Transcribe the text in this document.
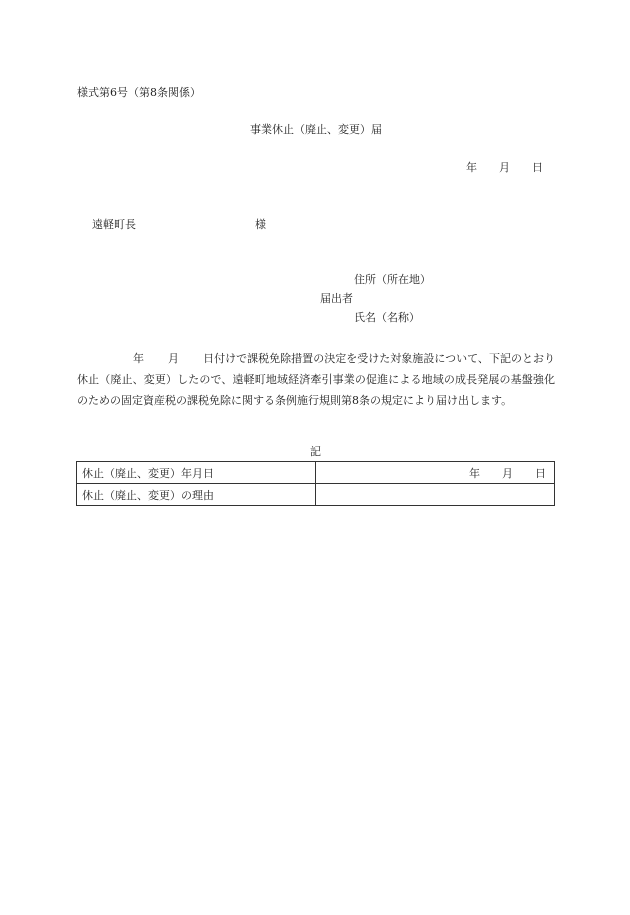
様式第6号（第8条関係）
事業休止（廃止、変更）届
年 月 日
遠軽町長	様
住所（所在地）
届出者
氏名（名称）
年 月 日付けで課税免除措置の決定を受けた対象施設について、下記のとおり休止（廃止、変更）したので、遠軽町地域経済牽引事業の促進による地域の成長発展の基盤強化のための固定資産税の課税免除に関する条例施行規則第8条の規定により届け出します。
記
休止（廃止、変更）年月日	年 月 日
休止（廃止、変更）の理由	
